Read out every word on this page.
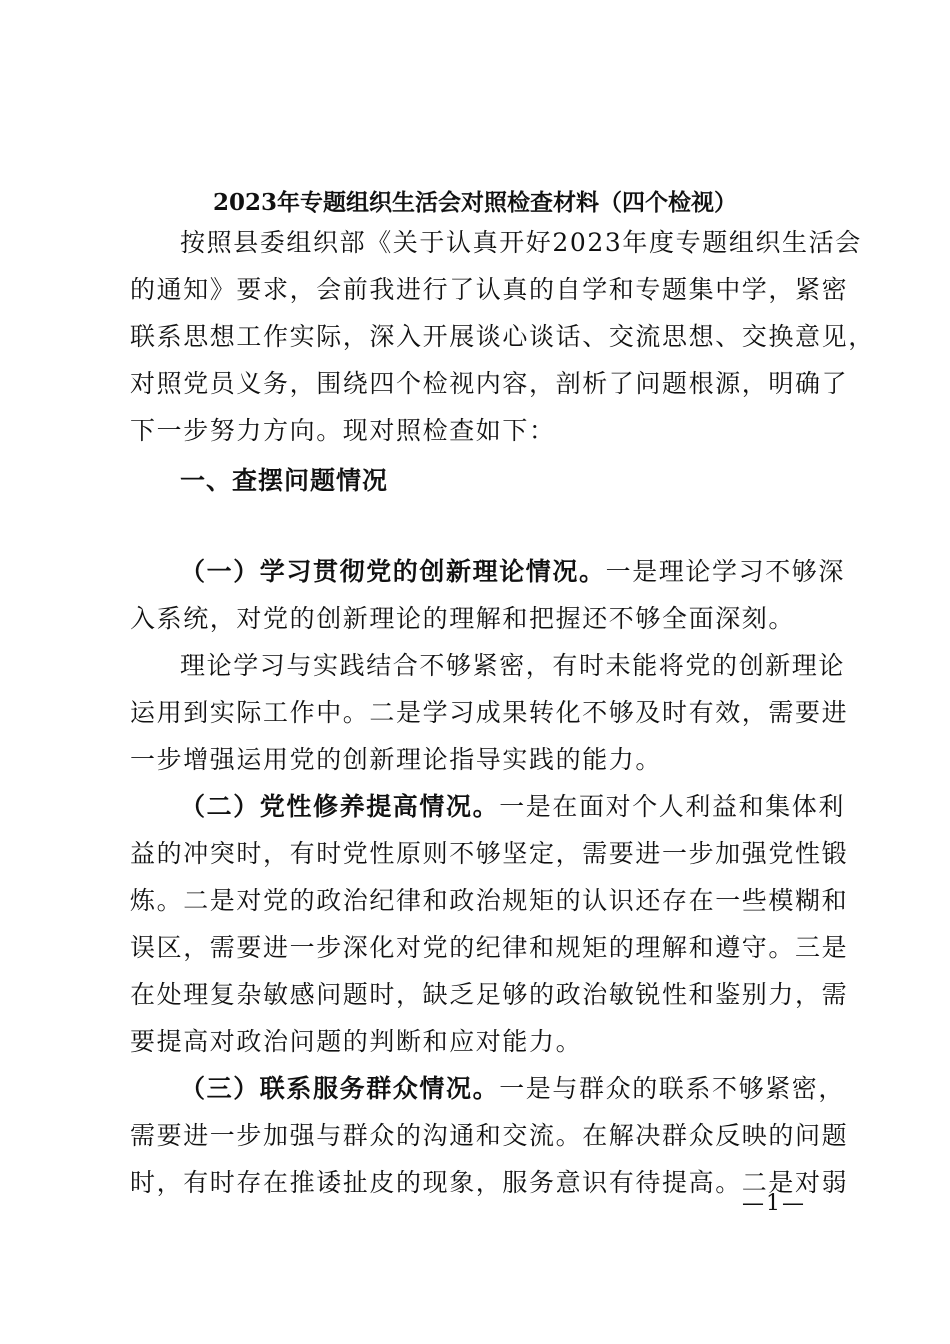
2023年专题组织生活会对照检查材料（四个检视）
一、查摆问题情况
按照县委组织部《关于认真开好2023年度专题组织生活会
的通知》要求，会前我进行了认真的自学和专题集中学，紧密
联系思想工作实际，深入开展谈心谈话、交流思想、交换意见，
对照党员义务，围绕四个检视内容，剖析了问题根源，明确了
下一步努力方向。现对照检查如下：
（一）学习贯彻党的创新理论情况。一是理论学习不够深
入系统，对党的创新理论的理解和把握还不够全面深刻。
理论学习与实践结合不够紧密，有时未能将党的创新理论
运用到实际工作中。二是学习成果转化不够及时有效，需要进
一步增强运用党的创新理论指导实践的能力。
（二）党性修养提高情况。一是在面对个人利益和集体利
益的冲突时，有时党性原则不够坚定，需要进一步加强党性锻
炼。二是对党的政治纪律和政治规矩的认识还存在一些模糊和
误区，需要进一步深化对党的纪律和规矩的理解和遵守。三是
在处理复杂敏感问题时，缺乏足够的政治敏锐性和鉴别力，需
要提高对政治问题的判断和应对能力。
（三）联系服务群众情况。一是与群众的联系不够紧密，
需要进一步加强与群众的沟通和交流。在解决群众反映的问题
时，有时存在推诿扯皮的现象，服务意识有待提高。二是对弱
—1—
